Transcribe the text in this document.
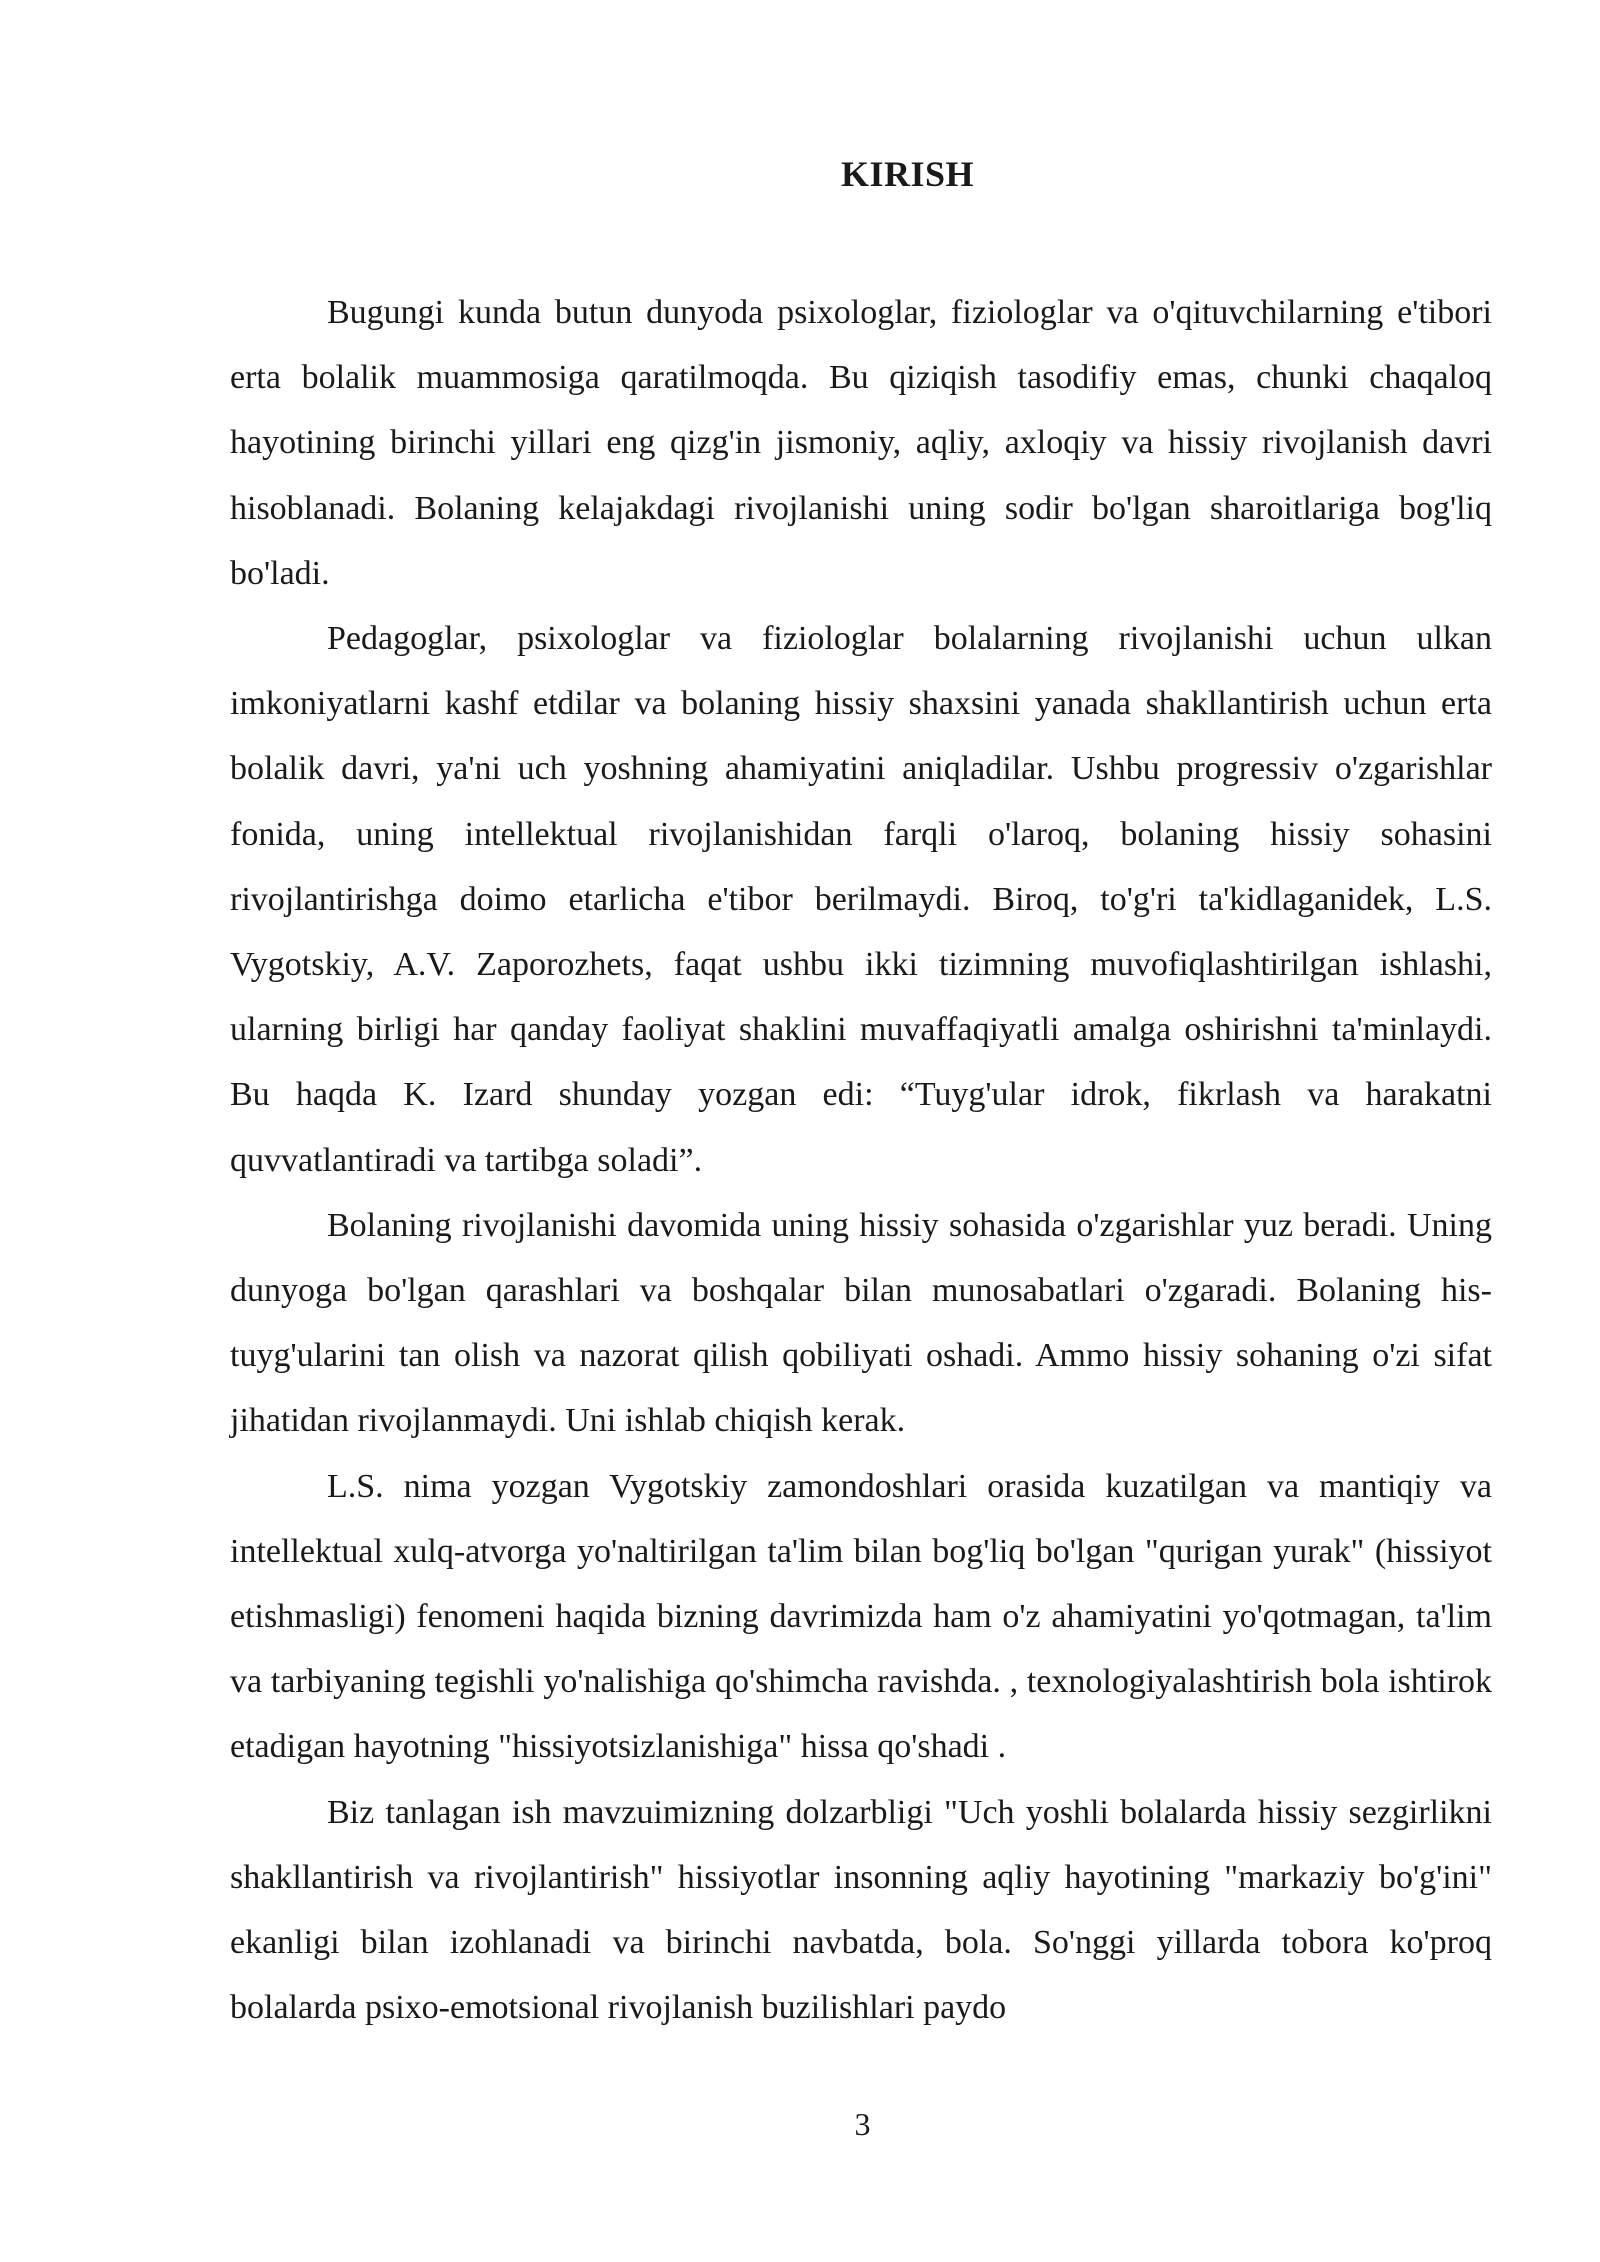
KIRISH

Bugungi kunda butun dunyoda psixologlar, fiziologlar va o'qituvchilarning e'tibori erta bolalik muammosiga qaratilmoqda. Bu qiziqish tasodifiy emas, chunki chaqaloq hayotining birinchi yillari eng qizg'in jismoniy, aqliy, axloqiy va hissiy rivojlanish davri hisoblanadi. Bolaning kelajakdagi rivojlanishi uning sodir bo'lgan sharoitlariga bog'liq bo'ladi.

Pedagoglar, psixologlar va fiziologlar bolalarning rivojlanishi uchun ulkan imkoniyatlarni kashf etdilar va bolaning hissiy shaxsini yanada shakllantirish uchun erta bolalik davri, ya'ni uch yoshning ahamiyatini aniqladilar. Ushbu progressiv o'zgarishlar fonida, uning intellektual rivojlanishidan farqli o'laroq, bolaning hissiy sohasini rivojlantirishga doimo etarlicha e'tibor berilmaydi. Biroq, to'g'ri ta'kidlaganidek, L.S. Vygotskiy, A.V. Zaporozhets, faqat ushbu ikki tizimning muvofiqlashtirilgan ishlashi, ularning birligi har qanday faoliyat shaklini muvaffaqiyatli amalga oshirishni ta'minlaydi. Bu haqda K. Izard shunday yozgan edi: “Tuyg'ular idrok, fikrlash va harakatni quvvatlantiradi va tartibga soladi”.

Bolaning rivojlanishi davomida uning hissiy sohasida o'zgarishlar yuz beradi. Uning dunyoga bo'lgan qarashlari va boshqalar bilan munosabatlari o'zgaradi. Bolaning his-tuyg'ularini tan olish va nazorat qilish qobiliyati oshadi. Ammo hissiy sohaning o'zi sifat jihatidan rivojlanmaydi. Uni ishlab chiqish kerak.

L.S. nima yozgan Vygotskiy zamondoshlari orasida kuzatilgan va mantiqiy va intellektual xulq-atvorga yo'naltirilgan ta'lim bilan bog'liq bo'lgan "qurigan yurak" (hissiyot etishmasligi) fenomeni haqida bizning davrimizda ham o'z ahamiyatini yo'qotmagan, ta'lim va tarbiyaning tegishli yo'nalishiga qo'shimcha ravishda. , texnologiyalashtirish bola ishtirok etadigan hayotning "hissiyotsizlanishiga" hissa qo'shadi .

Biz tanlagan ish mavzuimizning dolzarbligi "Uch yoshli bolalarda hissiy sezgirlikni shakllantirish va rivojlantirish" hissiyotlar insonning aqliy hayotining "markaziy bo'g'ini" ekanligi bilan izohlanadi va birinchi navbatda, bola. So'nggi yillarda tobora ko'proq bolalarda psixo-emotsional rivojlanish buzilishlari paydo

3
